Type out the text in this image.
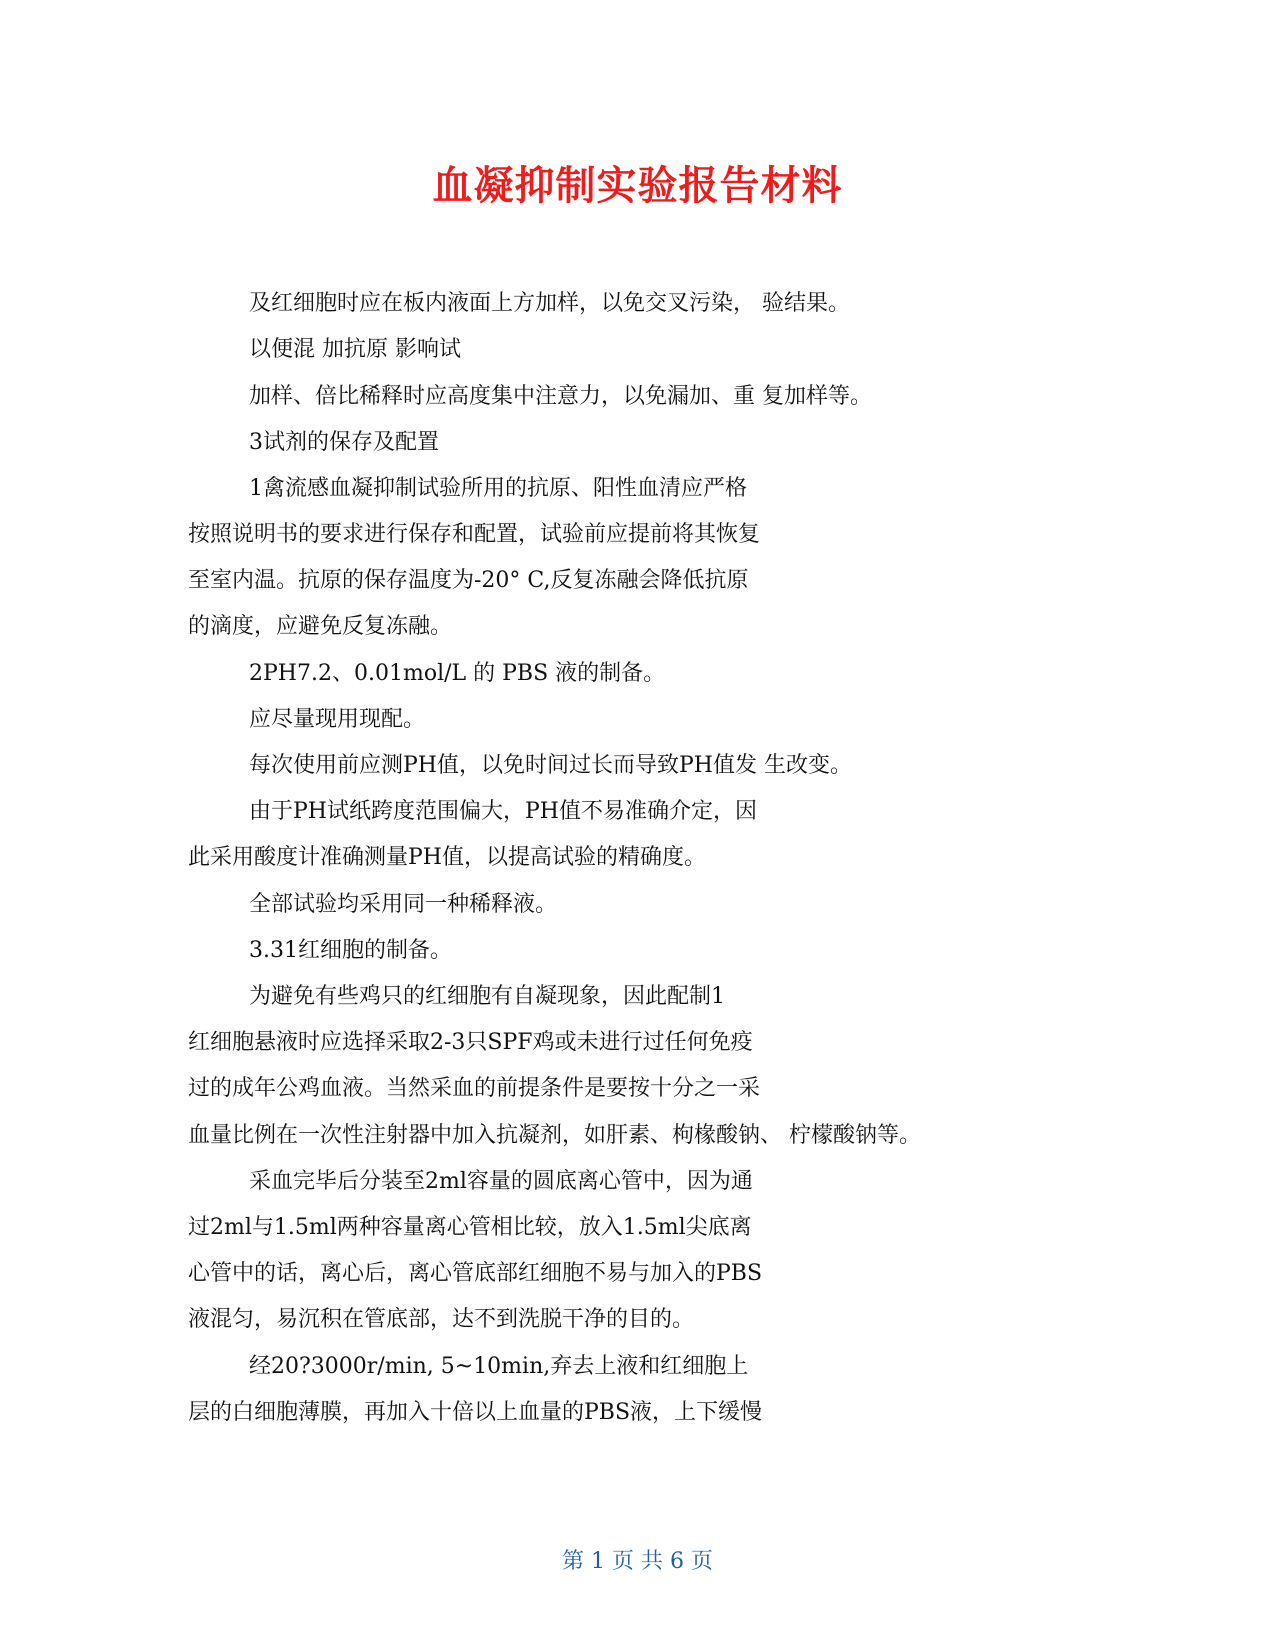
血凝抑制实验报告材料
及红细胞时应在板内液面上方加样，以免交叉污染， 验结果。
以便混 加抗原 影响试
加样、倍比稀释时应高度集中注意力，以免漏加、重 复加样等。
3试剂的保存及配置
1禽流感血凝抑制试验所用的抗原、阳性血清应严格
按照说明书的要求进行保存和配置，试验前应提前将其恢复
至室内温。抗原的保存温度为-20° C,反复冻融会降低抗原
的滴度，应避免反复冻融。
2PH7.2、0.01mol/L 的 PBS 液的制备。
应尽量现用现配。
每次使用前应测PH值，以免时间过长而导致PH值发 生改变。
由于PH试纸跨度范围偏大，PH值不易准确介定，因
此采用酸度计准确测量PH值，以提高试验的精确度。
全部试验均采用同一种稀释液。
3.31红细胞的制备。
为避免有些鸡只的红细胞有自凝现象，因此配制1
红细胞悬液时应选择采取2-3只SPF鸡或未进行过任何免疫
过的成年公鸡血液。当然采血的前提条件是要按十分之一采
血量比例在一次性注射器中加入抗凝剂，如肝素、枸椽酸钠、 柠檬酸钠等。
采血完毕后分装至2ml容量的圆底离心管中，因为通
过2ml与1.5ml两种容量离心管相比较，放入1.5ml尖底离
心管中的话，离心后，离心管底部红细胞不易与加入的PBS
液混匀，易沉积在管底部，达不到洗脱干净的目的。
经20?3000r/min, 5~10min,弃去上液和红细胞上
层的白细胞薄膜，再加入十倍以上血量的PBS液，上下缓慢
第 1 页 共 6 页
